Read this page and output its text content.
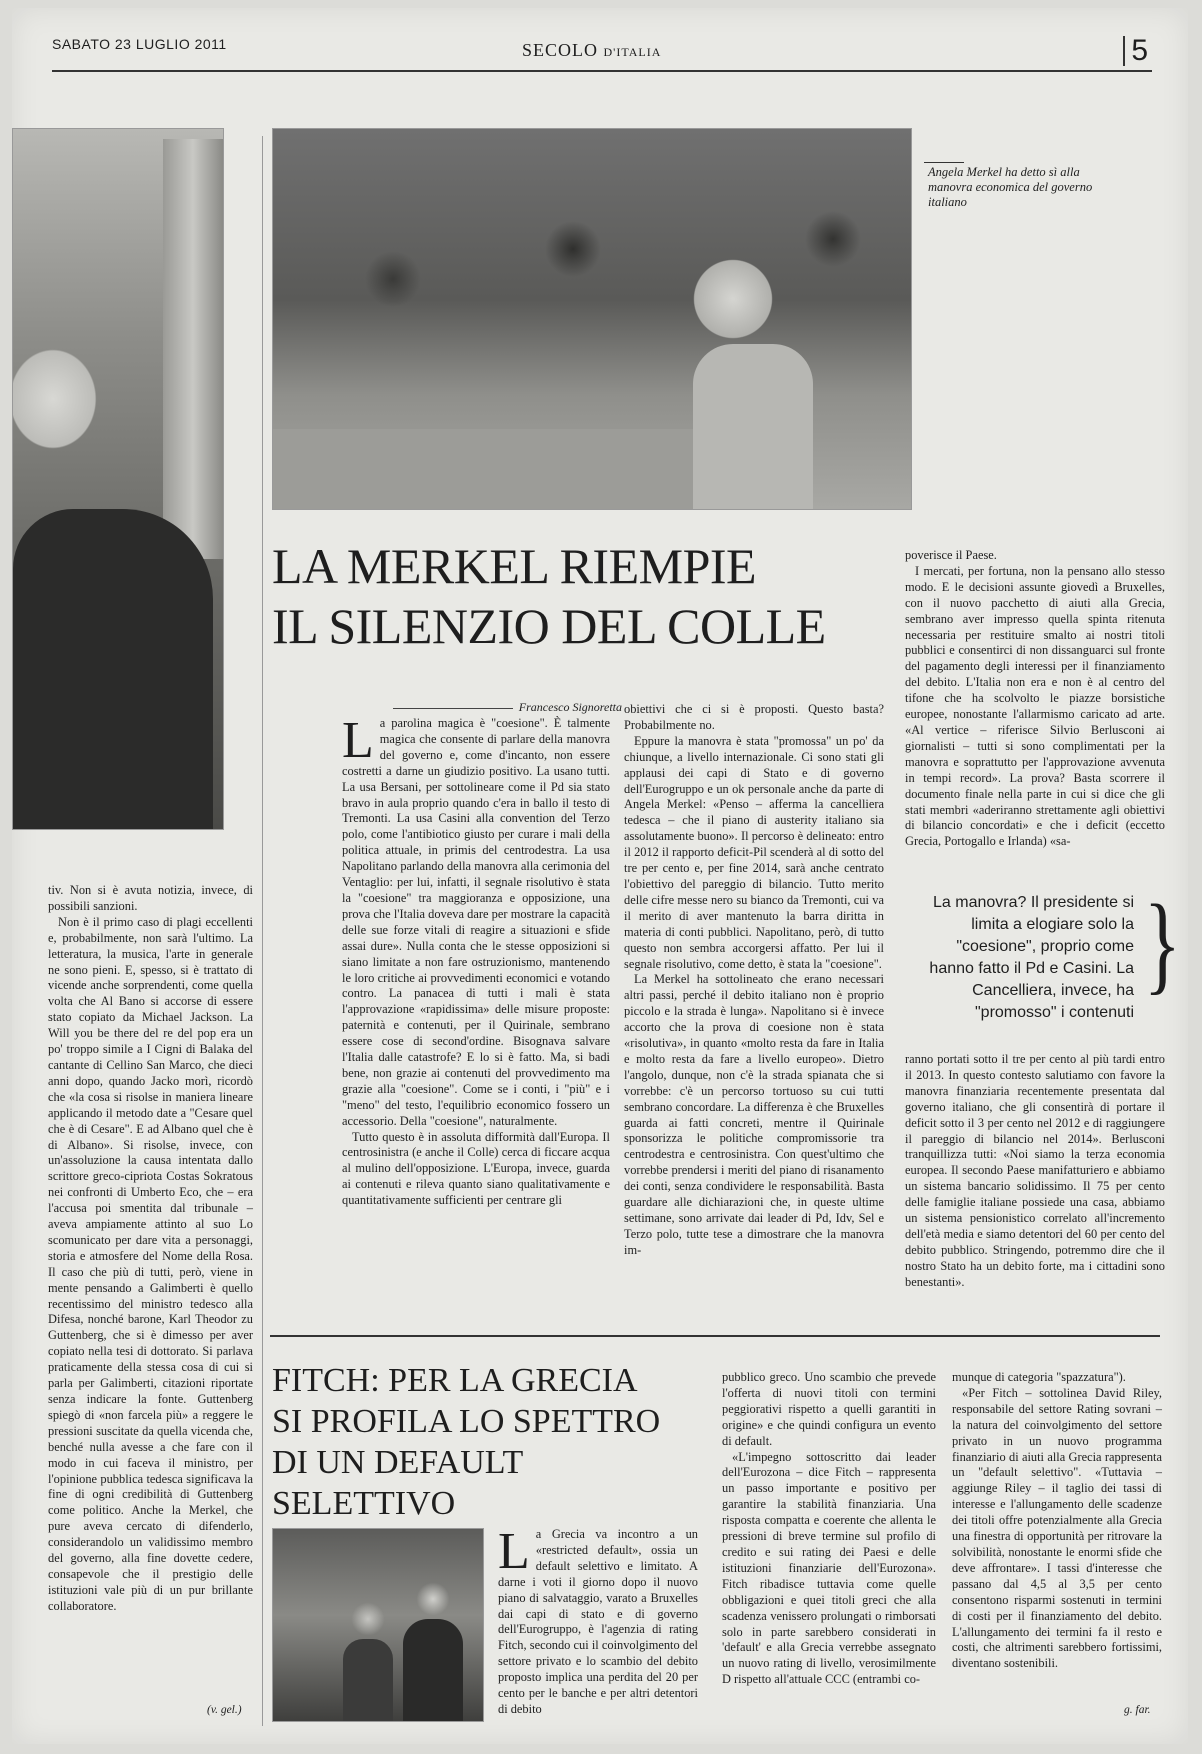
SABATO 23 LUGLIO 2011	SECOLO D'ITALIA	5
Angela Merkel ha detto sì alla manovra economica del governo italiano
LA MERKEL RIEMPIE
IL SILENZIO DEL COLLE
Francesco Signoretta

La parolina magica è "coesione". È talmente magica che consente di parlare della manovra del governo e, come d'incanto, non essere costretti a darne un giudizio positivo. La usano tutti. La usa Bersani, per sottolineare come il Pd sia stato bravo in aula proprio quando c'era in ballo il testo di Tremonti. La usa Casini alla convention del Terzo polo, come l'antibiotico giusto per curare i mali della politica attuale, in primis del centrodestra. La usa Napolitano parlando della manovra alla cerimonia del Ventaglio: per lui, infatti, il segnale risolutivo è stata la "coesione" tra maggioranza e opposizione, una prova che l'Italia doveva dare per mostrare la capacità delle sue forze vitali di reagire a situazioni e sfide assai dure». Nulla conta che le stesse opposizioni si siano limitate a non fare ostruzionismo, mantenendo le loro critiche ai provvedimenti economici e votando contro. La panacea di tutti i mali è stata l'approvazione «rapidissima» delle misure proposte: paternità e contenuti, per il Quirinale, sembrano essere cose di second'ordine. Bisognava salvare l'Italia dalle catastrofe? E lo si è fatto. Ma, si badi bene, non grazie ai contenuti del provvedimento ma grazie alla "coesione". Come se i conti, i "più" e i "meno" del testo, l'equilibrio economico fossero un accessorio. Della "coesione", naturalmente.

Tutto questo è in assoluta difformità dall'Europa. Il centrosinistra (e anche il Colle) cerca di ficcare acqua al mulino dell'opposizione. L'Europa, invece, guarda ai contenuti e rileva quanto siano qualitativamente e quantitativamente sufficienti per centrare gli

obiettivi che ci si è proposti. Questo basta? Probabilmente no.

Eppure la manovra è stata "promossa" un po' da chiunque, a livello internazionale. Ci sono stati gli applausi dei capi di Stato e di governo dell'Eurogruppo e un ok personale anche da parte di Angela Merkel: «Penso – afferma la cancelliera tedesca – che il piano di austerity italiano sia assolutamente buono». Il percorso è delineato: entro il 2012 il rapporto deficit-Pil scenderà al di sotto del tre per cento e, per fine 2014, sarà anche centrato l'obiettivo del pareggio di bilancio. Tutto merito delle cifre messe nero su bianco da Tremonti, cui va il merito di aver mantenuto la barra diritta in materia di conti pubblici. Napolitano, però, di tutto questo non sembra accorgersi affatto. Per lui il segnale risolutivo, come detto, è stata la "coesione".

La Merkel ha sottolineato che erano necessari altri passi, perché il debito italiano non è proprio piccolo e la strada è lunga». Napolitano si è invece accorto che la prova di coesione non è stata «risolutiva», in quanto «molto resta da fare in Italia e molto resta da fare a livello europeo». Dietro l'angolo, dunque, non c'è la strada spianata che si vorrebbe: c'è un percorso tortuoso su cui tutti sembrano concordare. La differenza è che Bruxelles guarda ai fatti concreti, mentre il Quirinale sponsorizza le politiche compromissorie tra centrodestra e centrosinistra. Con quest'ultimo che vorrebbe prendersi i meriti del piano di risanamento dei conti, senza condividere le responsabilità. Basta guardare alle dichiarazioni che, in queste ultime settimane, sono arrivate dai leader di Pd, Idv, Sel e Terzo polo, tutte tese a dimostrare che la manovra im-

poverisce il Paese.

I mercati, per fortuna, non la pensano allo stesso modo. E le decisioni assunte giovedì a Bruxelles, con il nuovo pacchetto di aiuti alla Grecia, sembrano aver impresso quella spinta ritenuta necessaria per restituire smalto ai nostri titoli pubblici e consentirci di non dissanguarci sul fronte del pagamento degli interessi per il finanziamento del debito. L'Italia non era e non è al centro del tifone che ha scolvolto le piazze borsistiche europee, nonostante l'allarmismo caricato ad arte. «Al vertice – riferisce Silvio Berlusconi ai giornalisti – tutti si sono complimentati per la manovra e soprattutto per l'approvazione avvenuta in tempi record». La prova? Basta scorrere il documento finale nella parte in cui si dice che gli stati membri «aderiranno strettamente agli obiettivi di bilancio concordati» e che i deficit (eccetto Grecia, Portogallo e Irlanda) «sa-

La manovra? Il presidente si limita a elogiare solo la "coesione", proprio come hanno fatto il Pd e Casini. La Cancelliera, invece, ha "promosso" i contenuti
}

ranno portati sotto il tre per cento al più tardi entro il 2013. In questo contesto salutiamo con favore la manovra finanziaria recentemente presentata dal governo italiano, che gli consentirà di portare il deficit sotto il 3 per cento nel 2012 e di raggiungere il pareggio di bilancio nel 2014». Berlusconi tranquillizza tutti: «Noi siamo la terza economia europea. Il secondo Paese manifatturiero e abbiamo un sistema bancario solidissimo. Il 75 per cento delle famiglie italiane possiede una casa, abbiamo un sistema pensionistico correlato all'incremento dell'età media e siamo detentori del 60 per cento del debito pubblico. Stringendo, potremmo dire che il nostro Stato ha un debito forte, ma i cittadini sono benestanti».

tiv. Non si è avuta notizia, invece, di possibili sanzioni.

Non è il primo caso di plagi eccellenti e, probabilmente, non sarà l'ultimo. La letteratura, la musica, l'arte in generale ne sono pieni. E, spesso, si è trattato di vicende anche sorprendenti, come quella volta che Al Bano si accorse di essere stato copiato da Michael Jackson. La Will you be there del re del pop era un po' troppo simile a I Cigni di Balaka del cantante di Cellino San Marco, che dieci anni dopo, quando Jacko morì, ricordò che «la cosa si risolse in maniera lineare applicando il metodo date a "Cesare quel che è di Cesare". E ad Albano quel che è di Albano». Si risolse, invece, con un'assoluzione la causa intentata dallo scrittore greco-cipriota Costas Sokratous nei confronti di Umberto Eco, che – era l'accusa poi smentita dal tribunale – aveva ampiamente attinto al suo Lo scomunicato per dare vita a personaggi, storia e atmosfere del Nome della Rosa. Il caso che più di tutti, però, viene in mente pensando a Galimberti è quello recentissimo del ministro tedesco alla Difesa, nonché barone, Karl Theodor zu Guttenberg, che si è dimesso per aver copiato nella tesi di dottorato. Si parlava praticamente della stessa cosa di cui si parla per Galimberti, citazioni riportate senza indicare la fonte. Guttenberg spiegò di «non farcela più» a reggere le pressioni suscitate da quella vicenda che, benché nulla avesse a che fare con il modo in cui faceva il ministro, per l'opinione pubblica tedesca significava la fine di ogni credibilità di Guttenberg come politico. Anche la Merkel, che pure aveva cercato di difenderlo, considerandolo un validissimo membro del governo, alla fine dovette cedere, consapevole che il prestigio delle istituzioni vale più di un pur brillante collaboratore.

(v. gel.)
FITCH: PER LA GRECIA
SI PROFILA LO SPETTRO
DI UN DEFAULT SELETTIVO

La Grecia va incontro a un «restricted default», ossia un default selettivo e limitato. A darne i voti il giorno dopo il nuovo piano di salvataggio, varato a Bruxelles dai capi di stato e di governo dell'Eurogruppo, è l'agenzia di rating Fitch, secondo cui il coinvolgimento del settore privato e lo scambio del debito proposto implica una perdita del 20 per cento per le banche e per altri detentori di debito

pubblico greco. Uno scambio che prevede l'offerta di nuovi titoli con termini peggiorativi rispetto a quelli garantiti in origine» e che quindi configura un evento di default.

«L'impegno sottoscritto dai leader dell'Eurozona – dice Fitch – rappresenta un passo importante e positivo per garantire la stabilità finanziaria. Una risposta compatta e coerente che allenta le pressioni di breve termine sul profilo di credito e sui rating dei Paesi e delle istituzioni finanziarie dell'Eurozona». Fitch ribadisce tuttavia come quelle obbligazioni e quei titoli greci che alla scadenza venissero prolungati o rimborsati solo in parte sarebbero considerati in 'default' e alla Grecia verrebbe assegnato un nuovo rating di livello, verosimilmente D rispetto all'attuale CCC (entrambi co-

munque di categoria "spazzatura").

«Per Fitch – sottolinea David Riley, responsabile del settore Rating sovrani – la natura del coinvolgimento del settore privato in un nuovo programma finanziario di aiuti alla Grecia rappresenta un "default selettivo". «Tuttavia – aggiunge Riley – il taglio dei tassi di interesse e l'allungamento delle scadenze dei titoli offre potenzialmente alla Grecia una finestra di opportunità per ritrovare la solvibilità, nonostante le enormi sfide che deve affrontare». I tassi d'interesse che passano dal 4,5 al 3,5 per cento consentono risparmi sostenuti in termini di costi per il finanziamento del debito. L'allungamento dei termini fa il resto e costi, che altrimenti sarebbero fortissimi, diventano sostenibili.

g. far.
